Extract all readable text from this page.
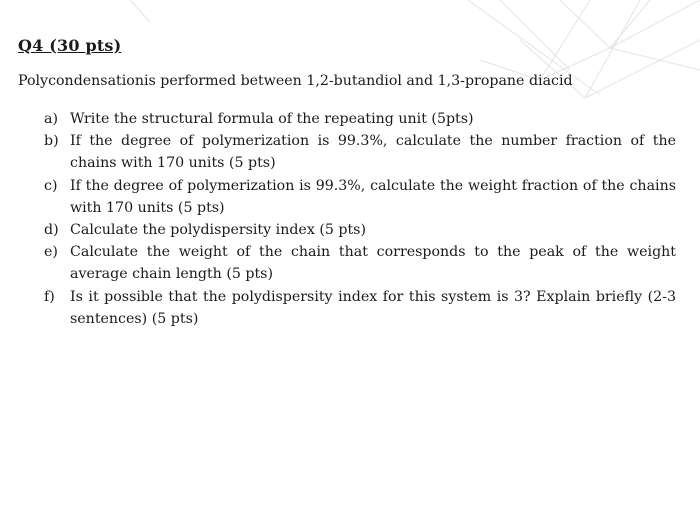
Q4 (30 pts)

Polycondensationis performed between 1,2-butandiol and 1,3-propane diacid

a) Write the structural formula of the repeating unit (5pts)
b) If the degree of polymerization is 99.3%, calculate the number fraction of the chains with 170 units (5 pts)
c) If the degree of polymerization is 99.3%, calculate the weight fraction of the chains with 170 units (5 pts)
d) Calculate the polydispersity index (5 pts)
e) Calculate the weight of the chain that corresponds to the peak of the weight average chain length (5 pts)
f)	Is it possible that the polydispersity index for this system is 3? Explain briefly (2-3 sentences) (5 pts)
